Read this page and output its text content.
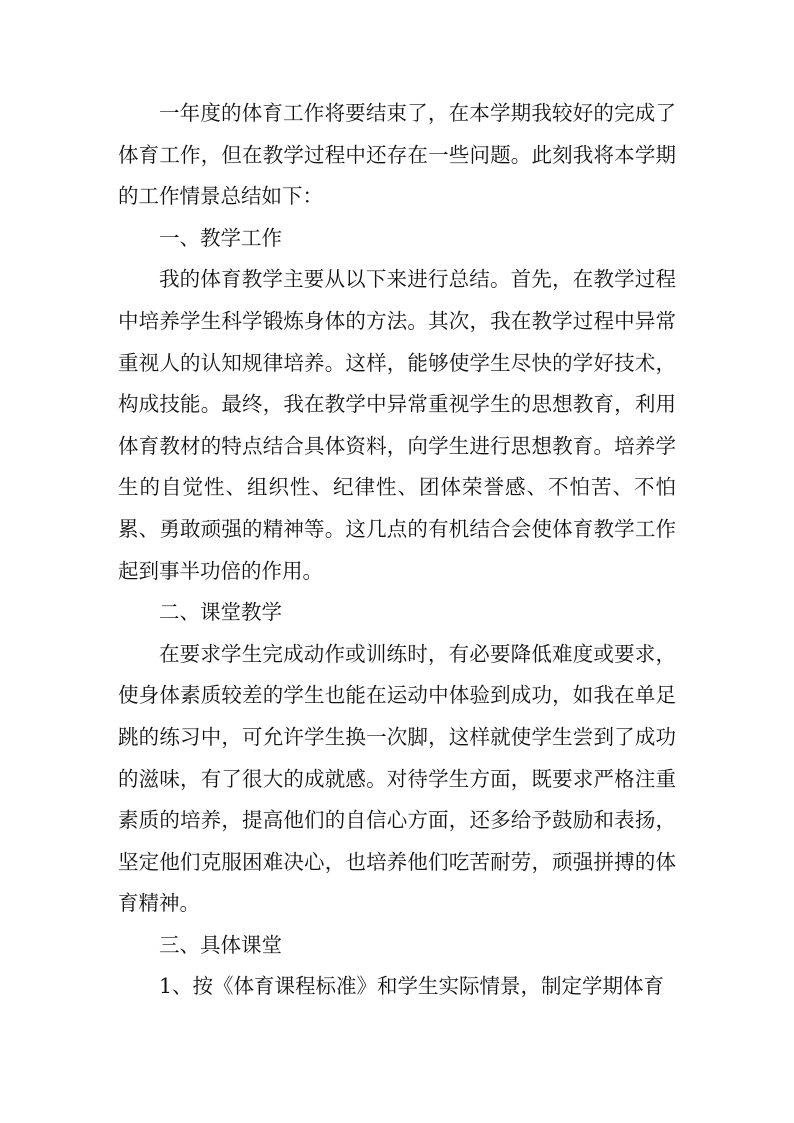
一年度的体育工作将要结束了，在本学期我较好的完成了体育工作，但在教学过程中还存在一些问题。此刻我将本学期的工作情景总结如下：

一、教学工作

我的体育教学主要从以下来进行总结。首先，在教学过程中培养学生科学锻炼身体的方法。其次，我在教学过程中异常重视人的认知规律培养。这样，能够使学生尽快的学好技术，构成技能。最终，我在教学中异常重视学生的思想教育，利用体育教材的特点结合具体资料，向学生进行思想教育。培养学生的自觉性、组织性、纪律性、团体荣誉感、不怕苦、不怕累、勇敢顽强的精神等。这几点的有机结合会使体育教学工作起到事半功倍的作用。

二、课堂教学

在要求学生完成动作或训练时，有必要降低难度或要求，使身体素质较差的学生也能在运动中体验到成功，如我在单足跳的练习中，可允许学生换一次脚，这样就使学生尝到了成功的滋味，有了很大的成就感。对待学生方面，既要求严格注重素质的培养，提高他们的自信心方面，还多给予鼓励和表扬，坚定他们克服困难决心，也培养他们吃苦耐劳，顽强拼搏的体育精神。

三、具体课堂

1、按《体育课程标准》和学生实际情景，制定学期体育
